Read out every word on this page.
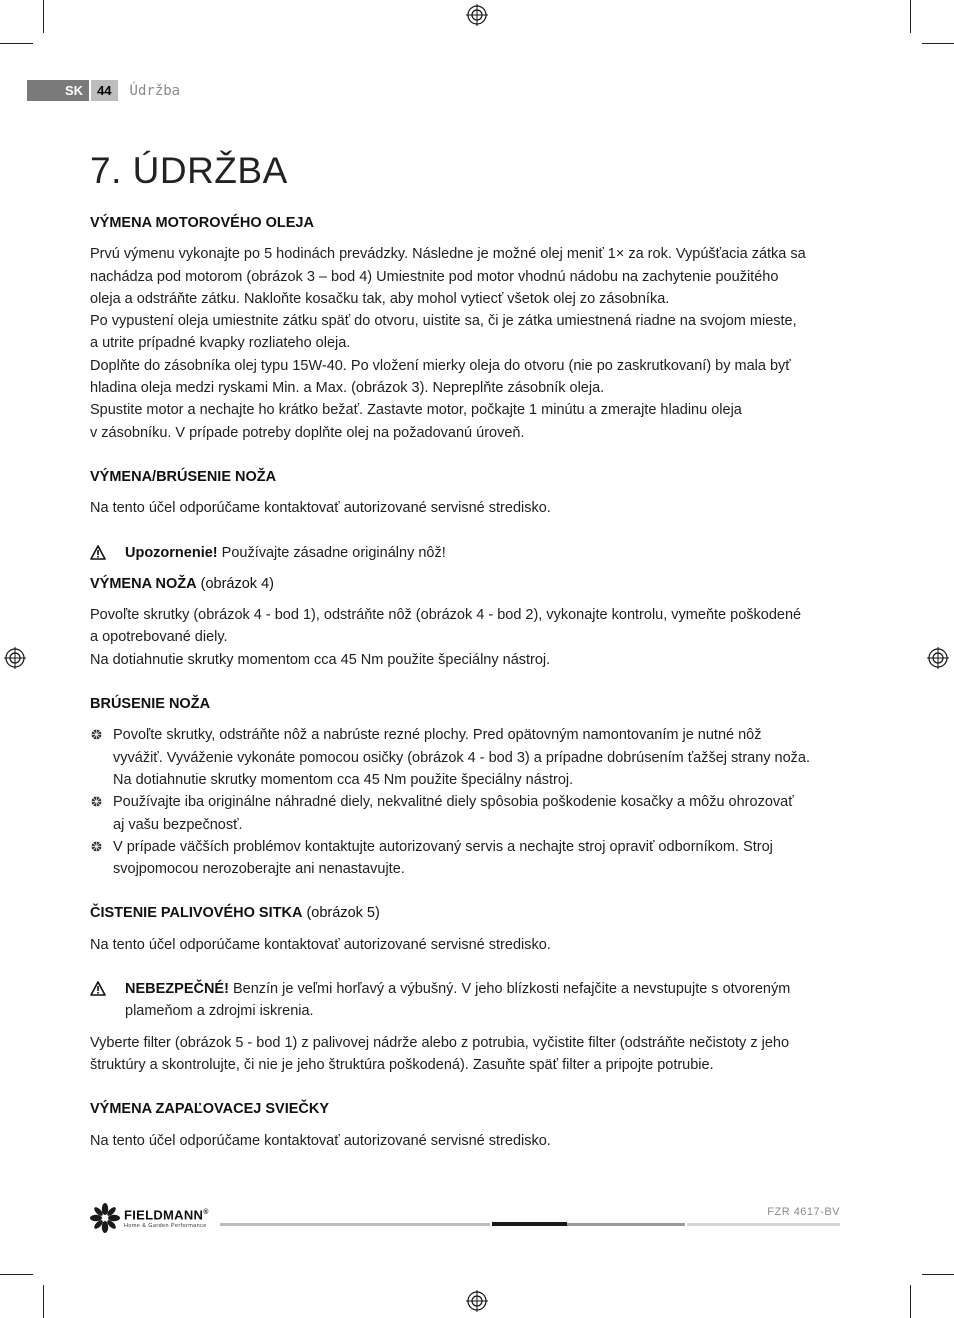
SK	44	Údržba
7. ÚDRŽBA

VÝMENA MOTOROVÉHO OLEJA

Prvú výmenu vykonajte po 5 hodinách prevádzky. Následne je možné olej meniť 1× za rok. Vypúšťacia zátka sa

nachádza pod motorom (obrázok 3 – bod 4) Umiestnite pod motor vhodnú nádobu na zachytenie použitého

oleja a odstráňte zátku. Nakloňte kosačku tak, aby mohol vytiecť všetok olej zo zásobníka.

Po vypustení oleja umiestnite zátku späť do otvoru, uistite sa, či je zátka umiestnená riadne na svojom mieste,

a utrite prípadné kvapky rozliateho oleja.

Doplňte do zásobníka olej typu 15W-40. Po vložení mierky oleja do otvoru (nie po zaskrutkovaní) by mala byť

hladina oleja medzi ryskami Min. a Max. (obrázok 3). Nepreplňte zásobník oleja.

Spustite motor a nechajte ho krátko bežať. Zastavte motor, počkajte 1 minútu a zmerajte hladinu oleja

v zásobníku. V prípade potreby doplňte olej na požadovanú úroveň.

VÝMENA/BRÚSENIE NOŽA

Na tento účel odporúčame kontaktovať autorizované servisné stredisko.

Upozornenie! Používajte zásadne originálny nôž!

VÝMENA NOŽA (obrázok 4)

Povoľte skrutky (obrázok 4 - bod 1), odstráňte nôž (obrázok 4 - bod 2), vykonajte kontrolu, vymeňte poškodené

a opotrebované diely.

Na dotiahnutie skrutky momentom cca 45 Nm použite špeciálny nástroj.

BRÚSENIE NOŽA

Povoľte skrutky, odstráňte nôž a nabrúste rezné plochy. Pred opätovným namontovaním je nutné nôž

vyvážiť. Vyváženie vykonáte pomocou osičky (obrázok 4 - bod 3) a prípadne dobrúsením ťažšej strany noža.

Na dotiahnutie skrutky momentom cca 45 Nm použite špeciálny nástroj.

Používajte iba originálne náhradné diely, nekvalitné diely spôsobia poškodenie kosačky a môžu ohrozovať

aj vašu bezpečnosť.

V prípade väčších problémov kontaktujte autorizovaný servis a nechajte stroj opraviť odborníkom. Stroj

svojpomocou nerozoberajte ani nenastavujte.

ČISTENIE PALIVOVÉHO SITKA (obrázok 5)

Na tento účel odporúčame kontaktovať autorizované servisné stredisko.

NEBEZPEČNÉ! Benzín je veľmi horľavý a výbušný. V jeho blízkosti nefajčite a nevstupujte s otvoreným

plameňom a zdrojmi iskrenia.

Vyberte filter (obrázok 5 - bod 1) z palivovej nádrže alebo z potrubia, vyčistite filter (odstráňte nečistoty z jeho

štruktúry a skontrolujte, či nie je jeho štruktúra poškodená). Zasuňte späť filter a pripojte potrubie.

VÝMENA ZAPAĽOVACEJ SVIEČKY

Na tento účel odporúčame kontaktovať autorizované servisné stredisko.

FIELDMANN®
Home & Garden Performance
FZR 4617-BV
